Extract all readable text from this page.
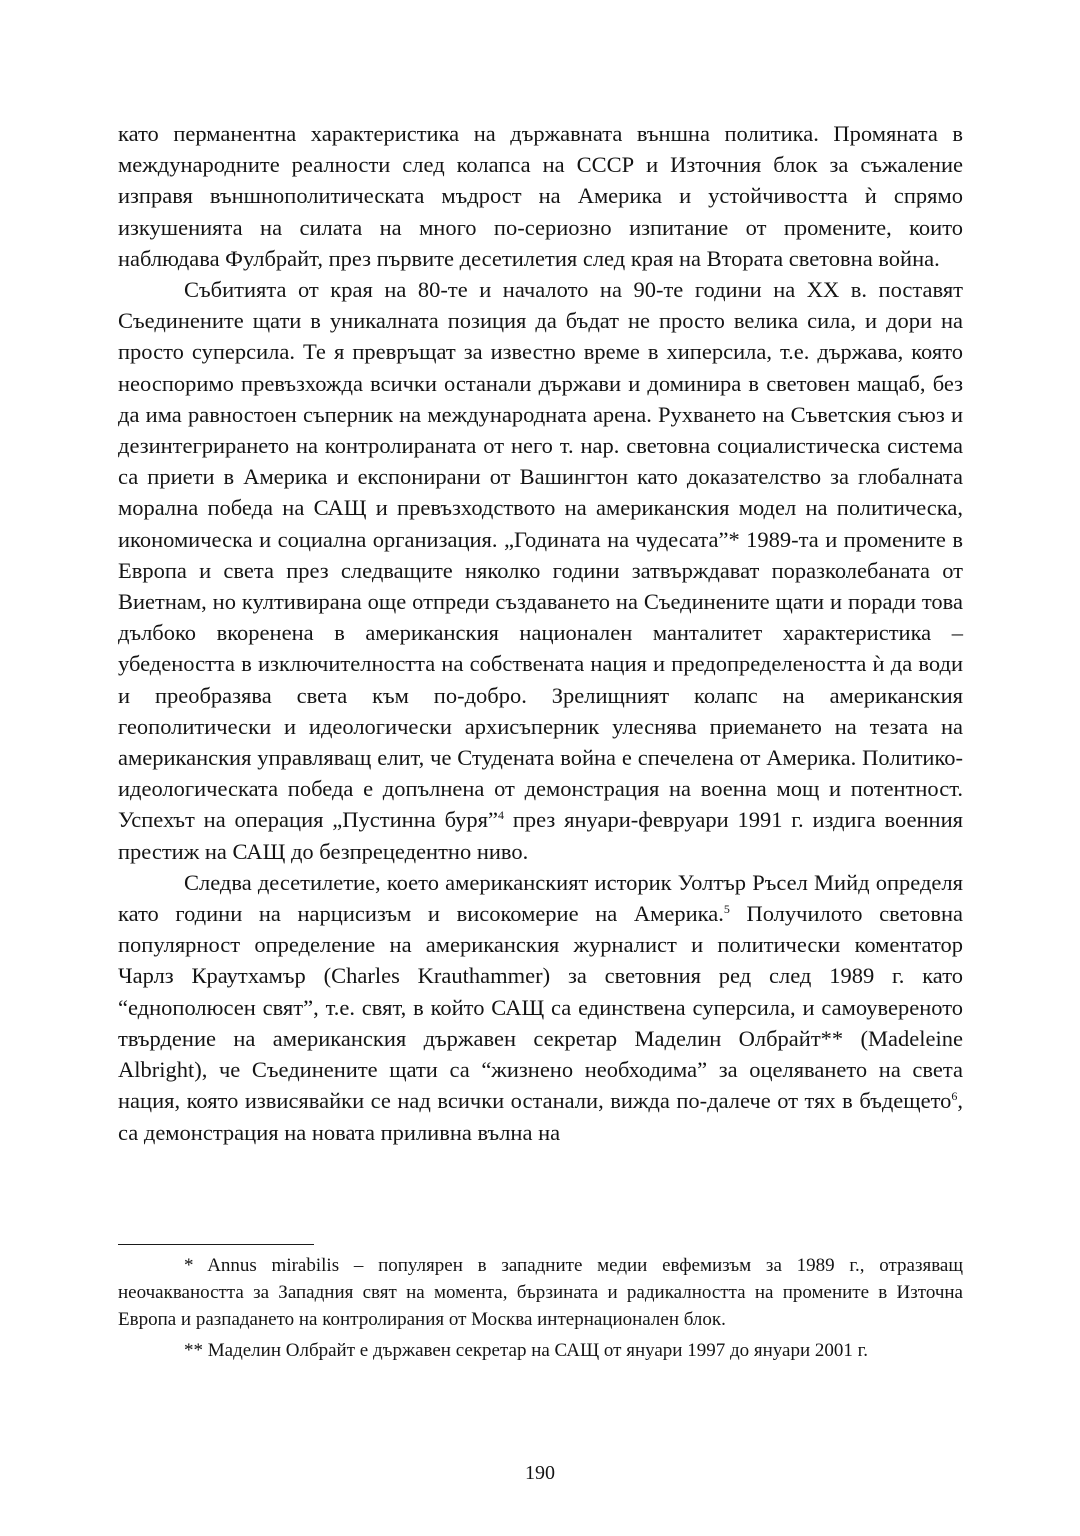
като перманентна характеристика на държавната външна политика. Промяната в международните реалности след колапса на СССР и Източния блок за съжаление изправя външнополитическата мъдрост на Америка и устойчивостта ѝ спрямо изкушенията на силата на много по-сериозно изпитание от промените, които наблюдава Фулбрайт, през първите десетилетия след края на Втората световна война.

Събитията от края на 80-те и началото на 90-те години на XX в. поставят Съединените щати в уникалната позиция да бъдат не просто велика сила, и дори на просто суперсила. Те я превръщат за известно време в хиперсила, т.е. държава, която неоспоримо превъзхожда всички останали държави и доминира в световен мащаб, без да има равностоен съперник на международната арена. Рухването на Съветския съюз и дезинтегрирането на контролираната от него т. нар. световна социалистическа система са приети в Америка и експонирани от Вашингтон като доказателство за глобалната морална победа на САЩ и превъзходството на американския модел на политическа, икономическа и социална организация. „Годината на чудесата”* 1989-та и промените в Европа и света през следващите няколко години затвърждават поразколебаната от Виетнам, но култивирана още отпреди създаването на Съединените щати и поради това дълбоко вкоренена в американския национален манталитет характеристика – убедеността в изключителността на собствената нация и предопределеността ѝ да води и преобразява света към по-добро. Зрелищният колапс на американския геополитически и идеологически архисъперник улеснява приемането на тезата на американския управляващ елит, че Студената война е спечелена от Америка. Политико-идеологическата победа е допълнена от демонстрация на военна мощ и потентност. Успехът на операция „Пустинна буря”$^4$ през януари-февруари 1991 г. издига военния престиж на САЩ до безпрецедентно ниво.

Следва десетилетие, което американският историк Уолтър Ръсел Мийд определя като години на нарцисизъм и високомерие на Америка.$^5$ Получилото световна популярност определение на американския журналист и политически коментатор Чарлз Краутхамър (Charles Krauthammer) за световния ред след 1989 г. като “еднополюсен свят”, т.е. свят, в който САЩ са единствена суперсила, и самоувереното твърдение на американския държавен секретар Маделин Олбрайт** (Madeleine Albright), че Съединените щати са “жизнено необходима” за оцеляването на света нация, която извисявайки се над всички останали, вижда по-далече от тях в бъдещето$^6$, са демонстрация на новата приливна вълна на

* Annus mirabilis – популярен в западните медии евфемизъм за 1989 г., отразяващ неочакваността за Западния свят на момента, бързината и радикалността на промените в Източна Европа и разпадането на контролирания от Москва интернационален блок.

** Маделин Олбрайт е държавен секретар на САЩ от януари 1997 до януари 2001 г.

190
